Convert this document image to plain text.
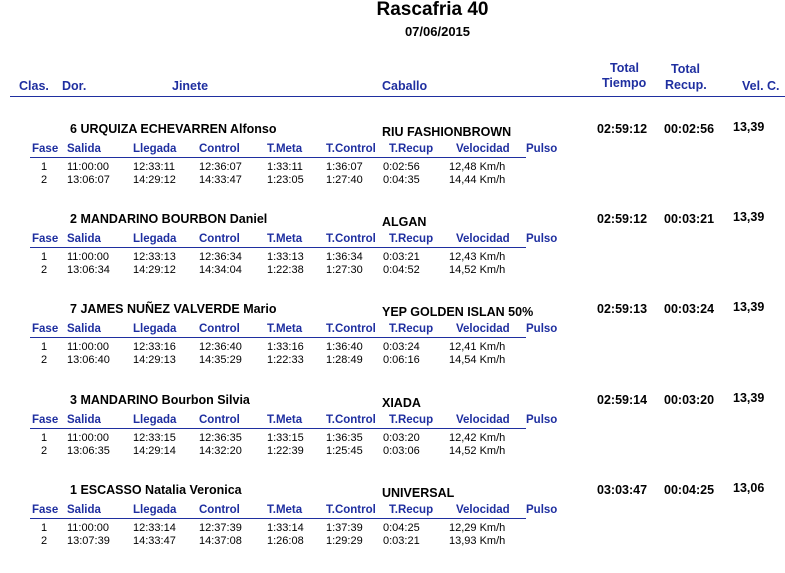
Rascafria 40
07/06/2015
Clas. Dor.	Jinete	Caballo
Total
Tiempo
Total
Recup.	Vel. C.
6 URQUIZA ECHEVARREN Alfonso	RIU FASHIONBROWN	02:59:12 00:02:56 13,39
Fase Salida	Llegada Control T.Meta T.Control T.Recup Velocidad Pulso
1 11:00:00 12:33:11 12:36:07 1:33:11 1:36:07 0:02:56	12,48 Km/h
2 13:06:07 14:29:12 14:33:47 1:23:05 1:27:40 0:04:35	14,44 Km/h
2 MANDARINO BOURBON Daniel	ALGAN	02:59:12 00:03:21 13,39
Fase Salida	Llegada Control T.Meta T.Control T.Recup Velocidad Pulso
1 11:00:00 12:33:13 12:36:34 1:33:13 1:36:34 0:03:21	12,43 Km/h
2 13:06:34 14:29:12 14:34:04 1:22:38 1:27:30 0:04:52	14,52 Km/h
7 JAMES NUÑEZ VALVERDE Mario	YEP GOLDEN ISLAN 50%	02:59:13 00:03:24 13,39
Fase Salida	Llegada Control T.Meta T.Control T.Recup Velocidad Pulso
1 11:00:00 12:33:16 12:36:40 1:33:16 1:36:40 0:03:24	12,41 Km/h
2 13:06:40 14:29:13 14:35:29 1:22:33 1:28:49 0:06:16	14,54 Km/h
3 MANDARINO Bourbon Silvia	XIADA	02:59:14 00:03:20 13,39
Fase Salida	Llegada Control T.Meta T.Control T.Recup Velocidad Pulso
1 11:00:00 12:33:15 12:36:35 1:33:15 1:36:35 0:03:20	12,42 Km/h
2 13:06:35 14:29:14 14:32:20 1:22:39 1:25:45 0:03:06	14,52 Km/h
1 ESCASSO Natalia Veronica	UNIVERSAL	03:03:47 00:04:25 13,06
Fase Salida	Llegada Control T.Meta T.Control T.Recup Velocidad Pulso
1 11:00:00 12:33:14 12:37:39 1:33:14 1:37:39 0:04:25	12,29 Km/h
2 13:07:39 14:33:47 14:37:08 1:26:08 1:29:29 0:03:21	13,93 Km/h
